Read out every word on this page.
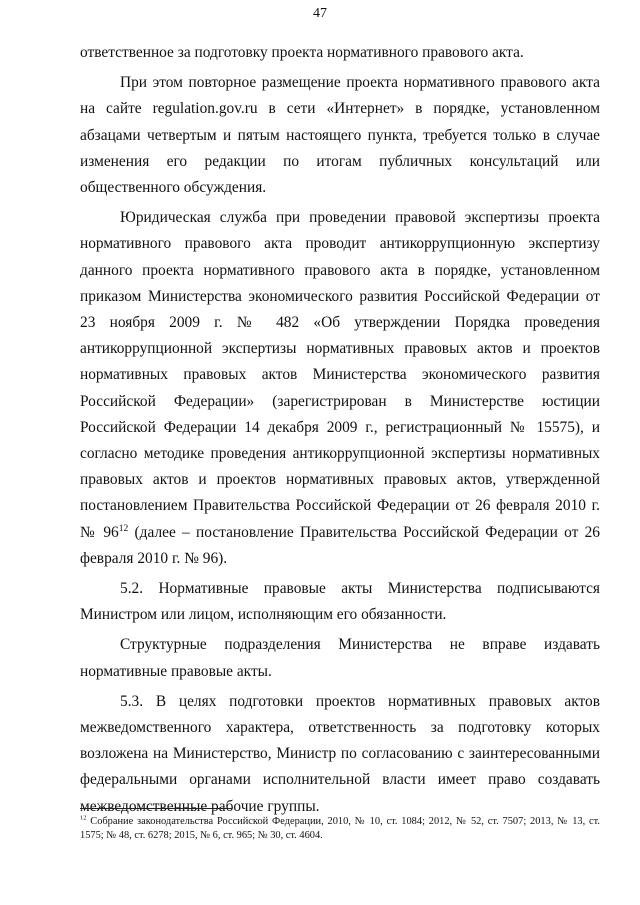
47

ответственное за подготовку проекта нормативного правового акта.

При этом повторное размещение проекта нормативного правового акта на сайте regulation.gov.ru в сети «Интернет» в порядке, установленном абзацами четвертым и пятым настоящего пункта, требуется только в случае изменения его редакции по итогам публичных консультаций или общественного обсуждения.

Юридическая служба при проведении правовой экспертизы проекта нормативного правового акта проводит антикоррупционную экспертизу данного проекта нормативного правового акта в порядке, установленном приказом Министерства экономического развития Российской Федерации от 23 ноября 2009 г. № 482 «Об утверждении Порядка проведения антикоррупционной экспертизы нормативных правовых актов и проектов нормативных правовых актов Министерства экономического развития Российской Федерации» (зарегистрирован в Министерстве юстиции Российской Федерации 14 декабря 2009 г., регистрационный № 15575), и согласно методике проведения антикоррупционной экспертизы нормативных правовых актов и проектов нормативных правовых актов, утвержденной постановлением Правительства Российской Федерации от 26 февраля 2010 г. № $96^{12}$ (далее – постановление Правительства Российской Федерации от 26 февраля 2010 г. № 96).

5.2. Нормативные правовые акты Министерства подписываются Министром или лицом, исполняющим его обязанности.

Структурные подразделения Министерства не вправе издавать нормативные правовые акты.

5.3. В целях подготовки проектов нормативных правовых актов межведомственного характера, ответственность за подготовку которых возложена на Министерство, Министр по согласованию с заинтересованными федеральными органами исполнительной власти имеет право создавать межведомственные рабочие группы.

$^{12}$ Собрание законодательства Российской Федерации, 2010, № 10, ст. 1084; 2012, № 52, ст. 7507; 2013, № 13, ст. 1575; № 48, ст. 6278; 2015, № 6, ст. 965; № 30, ст. 4604.
